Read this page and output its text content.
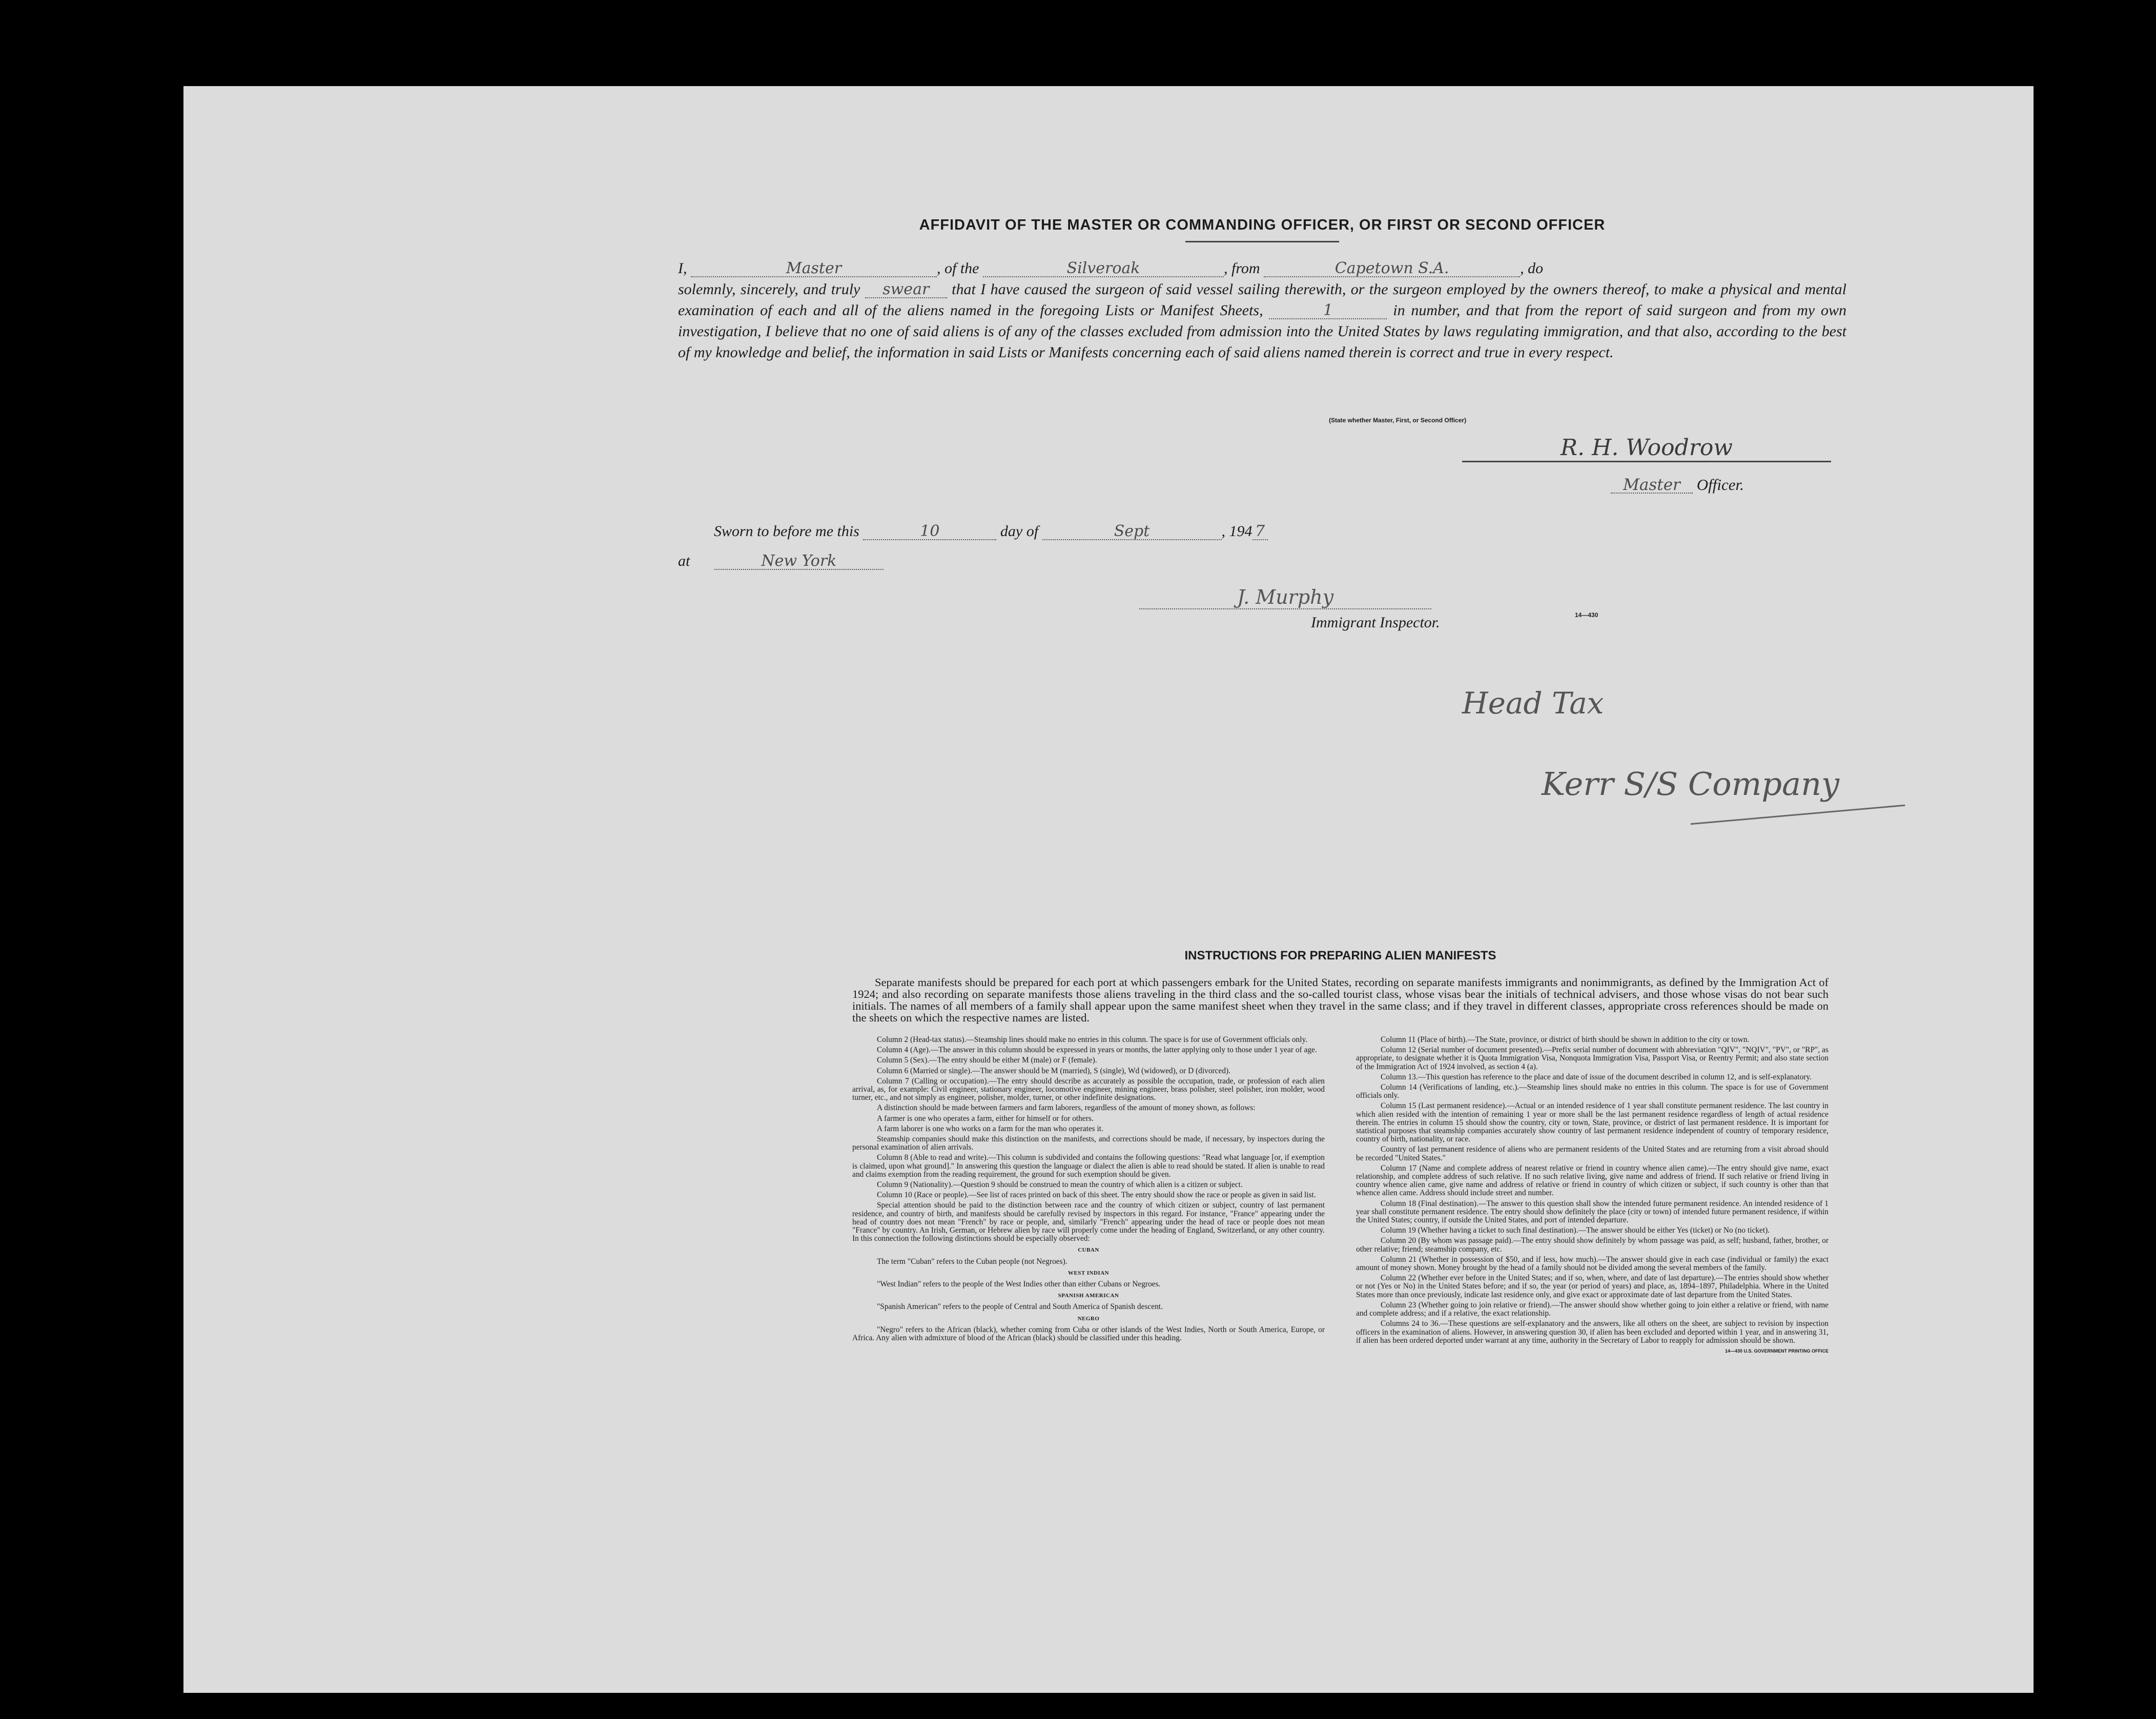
AFFIDAVIT OF THE MASTER OR COMMANDING OFFICER, OR FIRST OR SECOND OFFICER

I,	Master	, of the	Silveroak	, from	Capetown S.A.	, do

solemnly, sincerely, and truly swear that I have caused the surgeon of said vessel sailing therewith, or the surgeon employed by the owners thereof, to make a physical and mental examination of each and all of the aliens named in the foregoing Lists or Manifest Sheets,	1	in number, and that from the report of said surgeon and from my own investigation, I believe that no one of said aliens is of any of the classes excluded from admission into the United States by laws regulating immigration, and that also, according to the best of my knowledge and belief, the information in said Lists or Manifests concerning each of said aliens named therein is correct and true in every respect.

(State whether Master, First, or Second Officer)
R. H. Woodrow
Master Officer.
Sworn to before me this	10	day of	Sept	, 194 7
at	New York
J. Murphy
Immigrant Inspector.	14—430
Head Tax
Kerr S/S Company
INSTRUCTIONS FOR PREPARING ALIEN MANIFESTS

Separate manifests should be prepared for each port at which passengers embark for the United States, recording on separate manifests immigrants and nonimmigrants, as defined by the Immigration Act of 1924; and also recording on separate manifests those aliens traveling in the third class and the so-called tourist class, whose visas bear the initials of technical advisers, and those whose visas do not bear such initials. The names of all members of a family shall appear upon the same manifest sheet when they travel in the same class; and if they travel in different classes, appropriate cross references should be made on the sheets on which the respective names are listed.

Column 2 (Head-tax status).—Steamship lines should make no entries in this column. The space is for use of Government officials only.

Column 4 (Age).—The answer in this column should be expressed in years or months, the latter applying only to those under 1 year of age.

Column 5 (Sex).—The entry should be either M (male) or F (female).

Column 6 (Married or single).—The answer should be M (married), S (single), Wd (widowed), or D (divorced).

Column 7 (Calling or occupation).—The entry should describe as accurately as possible the occupation, trade, or profession of each alien arrival, as, for example: Civil engineer, stationary engineer, locomotive engineer, mining engineer, brass polisher, steel polisher, iron molder, wood turner, etc., and not simply as engineer, polisher, molder, turner, or other indefinite designations.

A distinction should be made between farmers and farm laborers, regardless of the amount of money shown, as follows:

A farmer is one who operates a farm, either for himself or for others.

A farm laborer is one who works on a farm for the man who operates it.

Steamship companies should make this distinction on the manifests, and corrections should be made, if necessary, by inspectors during the personal examination of alien arrivals.

Column 8 (Able to read and write).—This column is subdivided and contains the following questions: "Read what language [or, if exemption is claimed, upon what ground]." In answering this question the language or dialect the alien is able to read should be stated. If alien is unable to read and claims exemption from the reading requirement, the ground for such exemption should be given.

Column 9 (Nationality).—Question 9 should be construed to mean the country of which alien is a citizen or subject.

Column 10 (Race or people).—See list of races printed on back of this sheet. The entry should show the race or people as given in said list.

Special attention should be paid to the distinction between race and the country of which citizen or subject, country of last permanent residence, and country of birth, and manifests should be carefully revised by inspectors in this regard. For instance, "France" appearing under the head of country does not mean "French" by race or people, and, similarly "French" appearing under the head of race or people does not mean "France" by country. An Irish, German, or Hebrew alien by race will properly come under the heading of England, Switzerland, or any other country. In this connection the following distinctions should be especially observed:

CUBAN

The term "Cuban" refers to the Cuban people (not Negroes).

WEST INDIAN

"West Indian" refers to the people of the West Indies other than either Cubans or Negroes.

SPANISH AMERICAN

"Spanish American" refers to the people of Central and South America of Spanish descent.

NEGRO

"Negro" refers to the African (black), whether coming from Cuba or other islands of the West Indies, North or South America, Europe, or Africa. Any alien with admixture of blood of the African (black) should be classified under this heading.

Column 11 (Place of birth).—The State, province, or district of birth should be shown in addition to the city or town.

Column 12 (Serial number of document presented).—Prefix serial number of document with abbreviation "QIV", "NQIV", "PV", or "RP", as appropriate, to designate whether it is Quota Immigration Visa, Nonquota Immigration Visa, Passport Visa, or Reentry Permit; and also state section of the Immigration Act of 1924 involved, as section 4 (a).

Column 13.—This question has reference to the place and date of issue of the document described in column 12, and is self-explanatory.

Column 14 (Verifications of landing, etc.).—Steamship lines should make no entries in this column. The space is for use of Government officials only.

Column 15 (Last permanent residence).—Actual or an intended residence of 1 year shall constitute permanent residence. The last country in which alien resided with the intention of remaining 1 year or more shall be the last permanent residence regardless of length of actual residence therein. The entries in column 15 should show the country, city or town, State, province, or district of last permanent residence. It is important for statistical purposes that steamship companies accurately show country of last permanent residence independent of country of temporary residence, country of birth, nationality, or race.

Country of last permanent residence of aliens who are permanent residents of the United States and are returning from a visit abroad should be recorded "United States."

Column 17 (Name and complete address of nearest relative or friend in country whence alien came).—The entry should give name, exact relationship, and complete address of such relative. If no such relative living, give name and address of friend. If such relative or friend living in country whence alien came, give name and address of relative or friend in country of which citizen or subject, if such country is other than that whence alien came. Address should include street and number.

Column 18 (Final destination).—The answer to this question shall show the intended future permanent residence. An intended residence of 1 year shall constitute permanent residence. The entry should show definitely the place (city or town) of intended future permanent residence, if within the United States; country, if outside the United States, and port of intended departure.

Column 19 (Whether having a ticket to such final destination).—The answer should be either Yes (ticket) or No (no ticket).

Column 20 (By whom was passage paid).—The entry should show definitely by whom passage was paid, as self; husband, father, brother, or other relative; friend; steamship company, etc.

Column 21 (Whether in possession of $50, and if less, how much).—The answer should give in each case (individual or family) the exact amount of money shown. Money brought by the head of a family should not be divided among the several members of the family.

Column 22 (Whether ever before in the United States; and if so, when, where, and date of last departure).—The entries should show whether or not (Yes or No) in the United States before; and if so, the year (or period of years) and place, as, 1894–1897, Philadelphia. Where in the United States more than once previously, indicate last residence only, and give exact or approximate date of last departure from the United States.

Column 23 (Whether going to join relative or friend).—The answer should show whether going to join either a relative or friend, with name and complete address; and if a relative, the exact relationship.

Columns 24 to 36.—These questions are self-explanatory and the answers, like all others on the sheet, are subject to revision by inspection officers in the examination of aliens. However, in answering question 30, if alien has been excluded and deported within 1 year, and in answering 31, if alien has been ordered deported under warrant at any time, authority in the Secretary of Labor to reapply for admission should be shown.

14—430 U.S. GOVERNMENT PRINTING OFFICE
